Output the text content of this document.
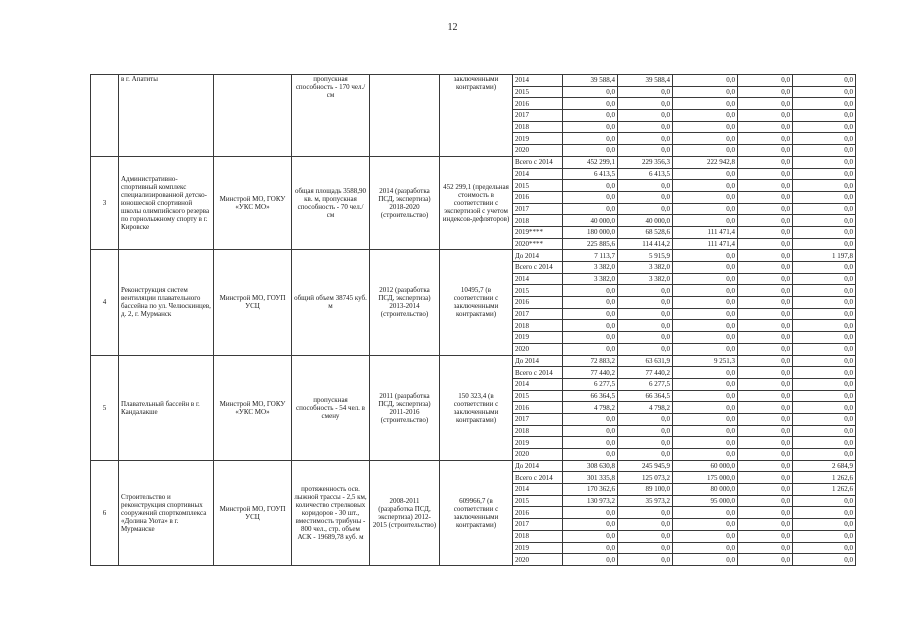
12
	в г. Апатиты		пропускная способность - 170 чел./см		заключенными контрактами)	2014	39 588,4	39 588,4	0,0	0,0	0,0
						2015	0,0	0,0	0,0	0,0	0,0
						2016	0,0	0,0	0,0	0,0	0,0
						2017	0,0	0,0	0,0	0,0	0,0
						2018	0,0	0,0	0,0	0,0	0,0
						2019	0,0	0,0	0,0	0,0	0,0
						2020	0,0	0,0	0,0	0,0	0,0
3	Административно-спортивный комплекс специализированной детско-юношеской спортивной школы олимпийского резерва по горнолыжному спорту в г. Кировске	Минстрой МО, ГОКУ «УКС МО»	общая площадь 3588,90 кв. м, пропускная способность - 70 чел./см	2014 (разработка ПСД, экспертиза) 2018-2020 (строительство)	452 299,1 (предельная стоимость в соответствии с экспертизой с учетом индексов-дефляторов)	Всего с 2014	452 299,1	229 356,3	222 942,8	0,0	0,0
						2014	6 413,5	6 413,5	0,0	0,0	0,0
						2015	0,0	0,0	0,0	0,0	0,0
						2016	0,0	0,0	0,0	0,0	0,0
						2017	0,0	0,0	0,0	0,0	0,0
						2018	40 000,0	40 000,0	0,0	0,0	0,0
						2019****	180 000,0	68 528,6	111 471,4	0,0	0,0
						2020****	225 885,6	114 414,2	111 471,4	0,0	0,0
4	Реконструкция систем вентиляции плавательного бассейна по ул. Челюскинцев, д. 2, г. Мурманск	Минстрой МО, ГОУП УСЦ	общий объем 38745 куб. м	2012 (разработка ПСД, экспертиза) 2013-2014 (строительство)	10495,7 (в соответствии с заключенными контрактами)	До 2014	7 113,7	5 915,9	0,0	0,0	1 197,8
						Всего с 2014	3 382,0	3 382,0	0,0	0,0	0,0
						2014	3 382,0	3 382,0	0,0	0,0	0,0
						2015	0,0	0,0	0,0	0,0	0,0
						2016	0,0	0,0	0,0	0,0	0,0
						2017	0,0	0,0	0,0	0,0	0,0
						2018	0,0	0,0	0,0	0,0	0,0
						2019	0,0	0,0	0,0	0,0	0,0
						2020	0,0	0,0	0,0	0,0	0,0
5	Плавательный бассейн в г. Кандалакше	Минстрой МО, ГОКУ «УКС МО»	пропускная способность - 54 чел. в смену	2011 (разработка ПСД, экспертиза) 2011-2016 (строительство)	150 323,4 (в соответствии с заключенными контрактами)	До 2014	72 883,2	63 631,9	9 251,3	0,0	0,0
						Всего с 2014	77 440,2	77 440,2	0,0	0,0	0,0
						2014	6 277,5	6 277,5	0,0	0,0	0,0
						2015	66 364,5	66 364,5	0,0	0,0	0,0
						2016	4 798,2	4 798,2	0,0	0,0	0,0
						2017	0,0	0,0	0,0	0,0	0,0
						2018	0,0	0,0	0,0	0,0	0,0
						2019	0,0	0,0	0,0	0,0	0,0
						2020	0,0	0,0	0,0	0,0	0,0
6	Строительство и реконструкция спортивных сооружений спорткомплекса «Долина Уюта» в г. Мурманске	Минстрой МО, ГОУП УСЦ	протяженность осв. лыжной трассы - 2,5 км, количество стрелковых коридоров - 30 шт., вместимость трибуны - 800 чел., стр. объем АСК - 19689,78 куб. м	2008-2011 (разработка ПСД, экспертиза) 2012-2015 (строительство)	609966,7 (в соответствии с заключенными контрактами)	До 2014	308 630,8	245 945,9	60 000,0	0,0	2 684,9
						Всего с 2014	301 335,8	125 073,2	175 000,0	0,0	1 262,6
						2014	170 362,6	89 100,0	80 000,0	0,0	1 262,6
						2015	130 973,2	35 973,2	95 000,0	0,0	0,0
						2016	0,0	0,0	0,0	0,0	0,0
						2017	0,0	0,0	0,0	0,0	0,0
						2018	0,0	0,0	0,0	0,0	0,0
						2019	0,0	0,0	0,0	0,0	0,0
						2020	0,0	0,0	0,0	0,0	0,0
